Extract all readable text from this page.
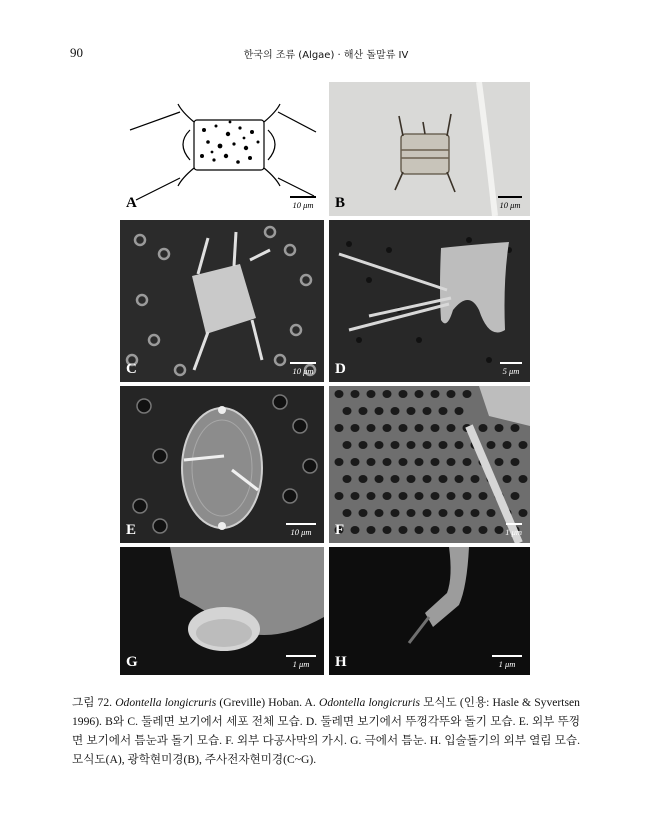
90	한국의 조류 (Algae) · 해산 돌말류 IV
A	10 μm B	10 μm
C	10 μm D	5 μm
E	10 μm F	1 μm
G	1 μm	H	1 μm
그림 72. Odontella longicruris (Greville) Hoban. A. Odontella longicruris 모식도 (인용: Hasle & Syvertsen 1996). B와 C. 둘레면 보기에서 세포 전체 모습. D. 둘레면 보기에서 뚜껑각뚜와 돌기 모습. E. 외부 뚜껑면 보기에서 틈눈과 돌기 모습. F. 외부 다공사막의 가시. G. 극에서 틈눈. H. 입술돌기의 외부 열림 모습. 모식도(A), 광학현미경(B), 주사전자현미경(C~G).
